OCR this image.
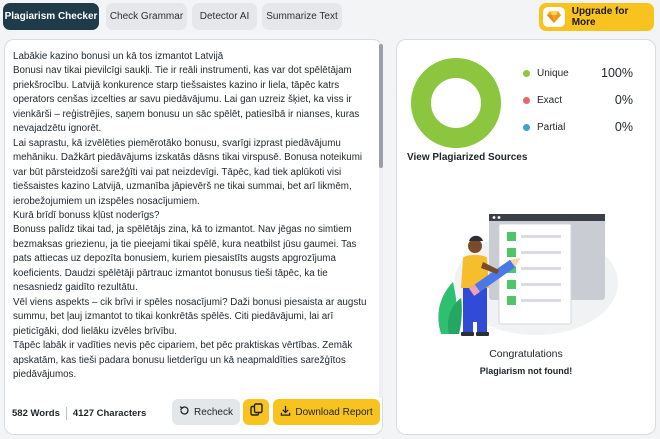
Plagiarism Checker	Check Grammar	Detector AI	Summarize Text	Upgrade for More

Labākie kazino bonusi un kā tos izmantot Latvijā

Bonusi nav tikai pievilcīgi saukļi. Tie ir reāli instrumenti, kas var dot spēlētājam priekšrocību. Latvijā konkurence starp tiešsaistes kazino ir liela, tāpēc katrs operators cenšas izcelties ar savu piedāvājumu. Lai gan uzreiz šķiet, ka viss ir vienkārši – reģistrējies, saņem bonusu un sāc spēlēt, patiesībā ir nianses, kuras nevajadzētu ignorēt.

Lai saprastu, kā izvēlēties piemērotāko bonusu, svarīgi izprast piedāvājumu mehāniku. Dažkārt piedāvājums izskatās dāsns tikai virspusē. Bonusa noteikumi var būt pārsteidzoši sarežģīti vai pat neizdevīgi. Tāpēc, kad tiek aplūkoti visi tiešsaistes kazino Latvijā, uzmanība jāpievērš ne tikai summai, bet arī likmēm, ierobežojumiem un izspēles nosacījumiem.

Kurā brīdī bonuss kļūst noderīgs?

Bonuss palīdz tikai tad, ja spēlētājs zina, kā to izmantot. Nav jēgas no simtiem bezmaksas griezienu, ja tie pieejami tikai spēlē, kura neatbilst jūsu gaumei. Tas pats attiecas uz depozīta bonusiem, kuriem piesaistīts augsts apgrozījuma koeficients. Daudzi spēlētāji pārtrauc izmantot bonusus tieši tāpēc, ka tie nesasniedz gaidīto rezultātu.

Vēl viens aspekts – cik brīvi ir spēles nosacījumi? Daži bonusi piesaista ar augstu summu, bet ļauj izmantot to tikai konkrētās spēlēs. Citi piedāvājumi, lai arī pieticīgāki, dod lielāku izvēles brīvību.

Tāpēc labāk ir vadīties nevis pēc cipariem, bet pēc praktiskas vērtības. Zemāk apskatām, kas tieši padara bonusu lietderīgu un kā neapmaldīties sarežģītos piedāvājumos.

582 Words 4127 Characters	Recheck	Download Report
Unique	100%
Exact	0%
Partial	0%
View Plagiarized Sources
Congratulations
Plagiarism not found!
